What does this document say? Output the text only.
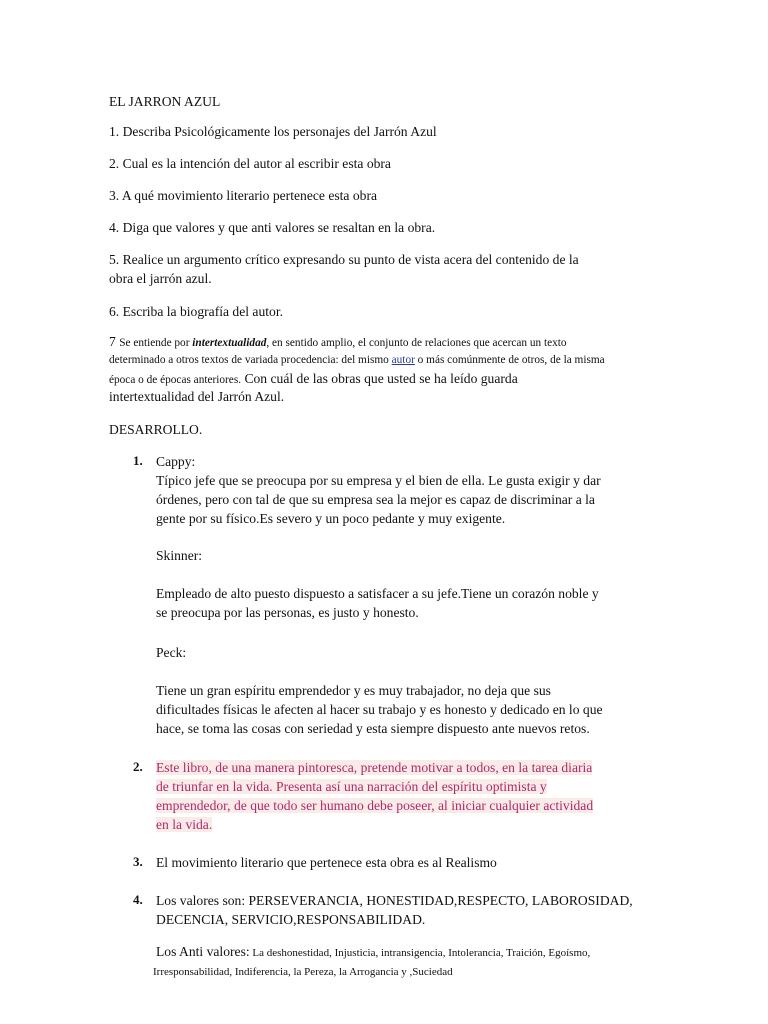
EL JARRON AZUL
1. Describa Psicológicamente los personajes del Jarrón Azul
2. Cual es la intención del autor al escribir esta obra
3. A qué movimiento literario pertenece esta obra
4. Diga que valores y que anti valores se resaltan en la obra.
5. Realice un argumento crítico expresando su punto de vista acera del contenido de la
obra el jarrón azul.
6. Escriba la biografía del autor.
7 Se entiende por intertextualidad, en sentido amplio, el conjunto de relaciones que acercan un texto
determinado a otros textos de variada procedencia: del mismo autor o más comúnmente de otros, de la misma
época o de épocas anteriores. Con cuál de las obras que usted se ha leído guarda
intertextualidad del Jarrón Azul.
DESARROLLO.
1. Cappy:

Típico jefe que se preocupa por su empresa y el bien de ella. Le gusta exigir y dar

órdenes, pero con tal de que su empresa sea la mejor es capaz de discriminar a la

gente por su físico.Es severo y un poco pedante y muy exigente.

Skinner:

Empleado de alto puesto dispuesto a satisfacer a su jefe.Tiene un corazón noble y

se preocupa por las personas, es justo y honesto.

Peck:

Tiene un gran espíritu emprendedor y es muy trabajador, no deja que sus

dificultades físicas le afecten al hacer su trabajo y es honesto y dedicado en lo que

hace, se toma las cosas con seriedad y esta siempre dispuesto ante nuevos retos.

2. Este libro, de una manera pintoresca, pretende motivar a todos, en la tarea diaria

de triunfar en la vida. Presenta así una narración del espíritu optimista y

emprendedor, de que todo ser humano debe poseer, al iniciar cualquier actividad

en la vida.

3. El movimiento literario que pertenece esta obra es al Realismo
4. Los valores son: PERSEVERANCIA, HONESTIDAD,RESPECTO, LABOROSIDAD,

DECENCIA, SERVICIO,RESPONSABILIDAD.

Los Anti valores: La deshonestidad, Injusticia, intransigencia, Intolerancia, Traición, Egoísmo,

Irresponsabilidad, Indiferencia, la Pereza, la Arrogancia y ,Suciedad
